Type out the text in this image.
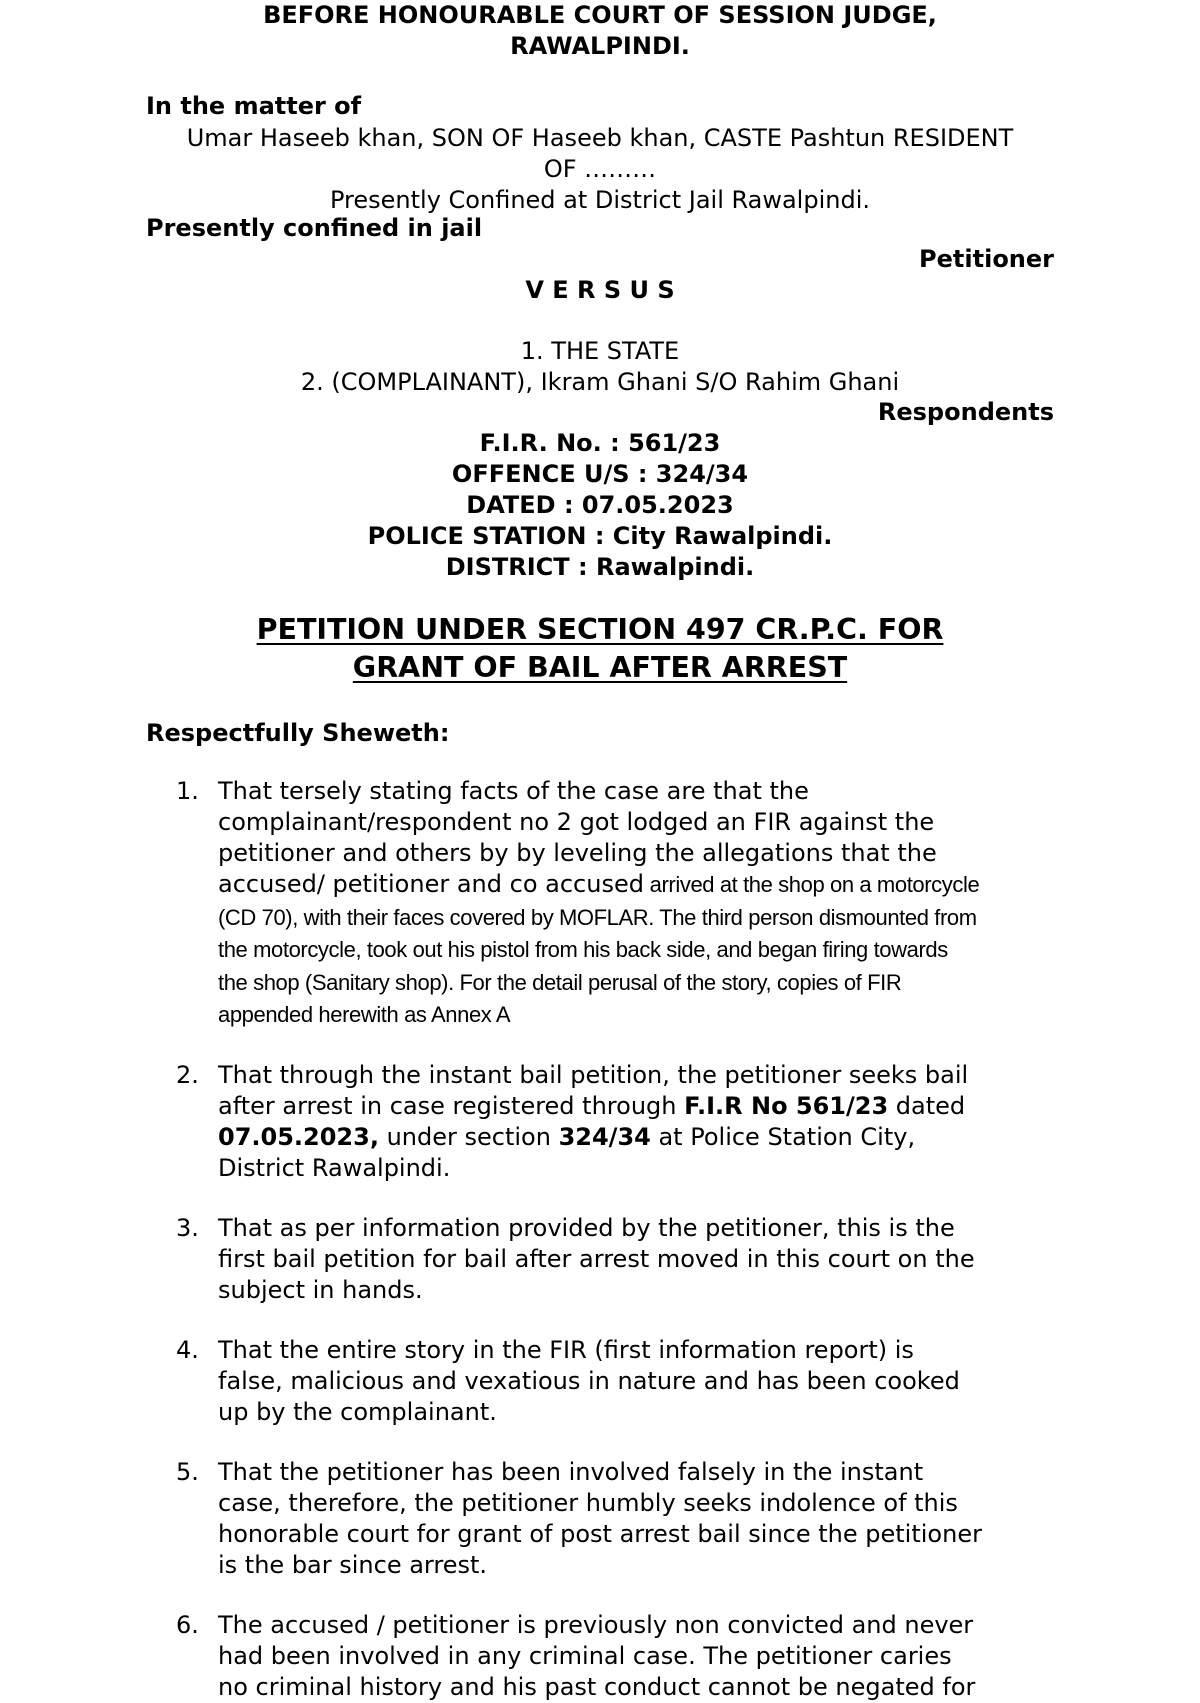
BEFORE HONOURABLE COURT OF SESSION JUDGE,
RAWALPINDI.
In the matter of
Umar Haseeb khan, SON OF Haseeb khan, CASTE Pashtun RESIDENT
OF ………
Presently Confined at District Jail Rawalpindi.
Presently confined in jail
Petitioner
V E R S U S
1. THE STATE
2. (COMPLAINANT), Ikram Ghani S/O Rahim Ghani
Respondents
F.I.R. No. : 561/23
OFFENCE U/S : 324/34
DATED : 07.05.2023
POLICE STATION : City Rawalpindi.
DISTRICT : Rawalpindi.
PETITION UNDER SECTION 497 CR.P.C. FOR
GRANT OF BAIL AFTER ARREST
Respectfully Sheweth:
1. That tersely stating facts of the case are that the
complainant/respondent no 2 got lodged an FIR against the
petitioner and others by by leveling the allegations that the
accused/ petitioner and co accused arrived at the shop on a motorcycle
(CD 70), with their faces covered by MOFLAR. The third person dismounted from
the motorcycle, took out his pistol from his back side, and began firing towards
the shop (Sanitary shop). For the detail perusal of the story, copies of FIR
appended herewith as Annex A
2. That through the instant bail petition, the petitioner seeks bail
after arrest in case registered through F.I.R No 561/23 dated
07.05.2023, under section 324/34 at Police Station City,
District Rawalpindi.
3. That as per information provided by the petitioner, this is the
first bail petition for bail after arrest moved in this court on the
subject in hands.
4. That the entire story in the FIR (first information report) is
false, malicious and vexatious in nature and has been cooked
up by the complainant.
5. That the petitioner has been involved falsely in the instant
case, therefore, the petitioner humbly seeks indolence of this
honorable court for grant of post arrest bail since the petitioner
is the bar since arrest.
6. The accused / petitioner is previously non convicted and never
had been involved in any criminal case. The petitioner caries
no criminal history and his past conduct cannot be negated for
